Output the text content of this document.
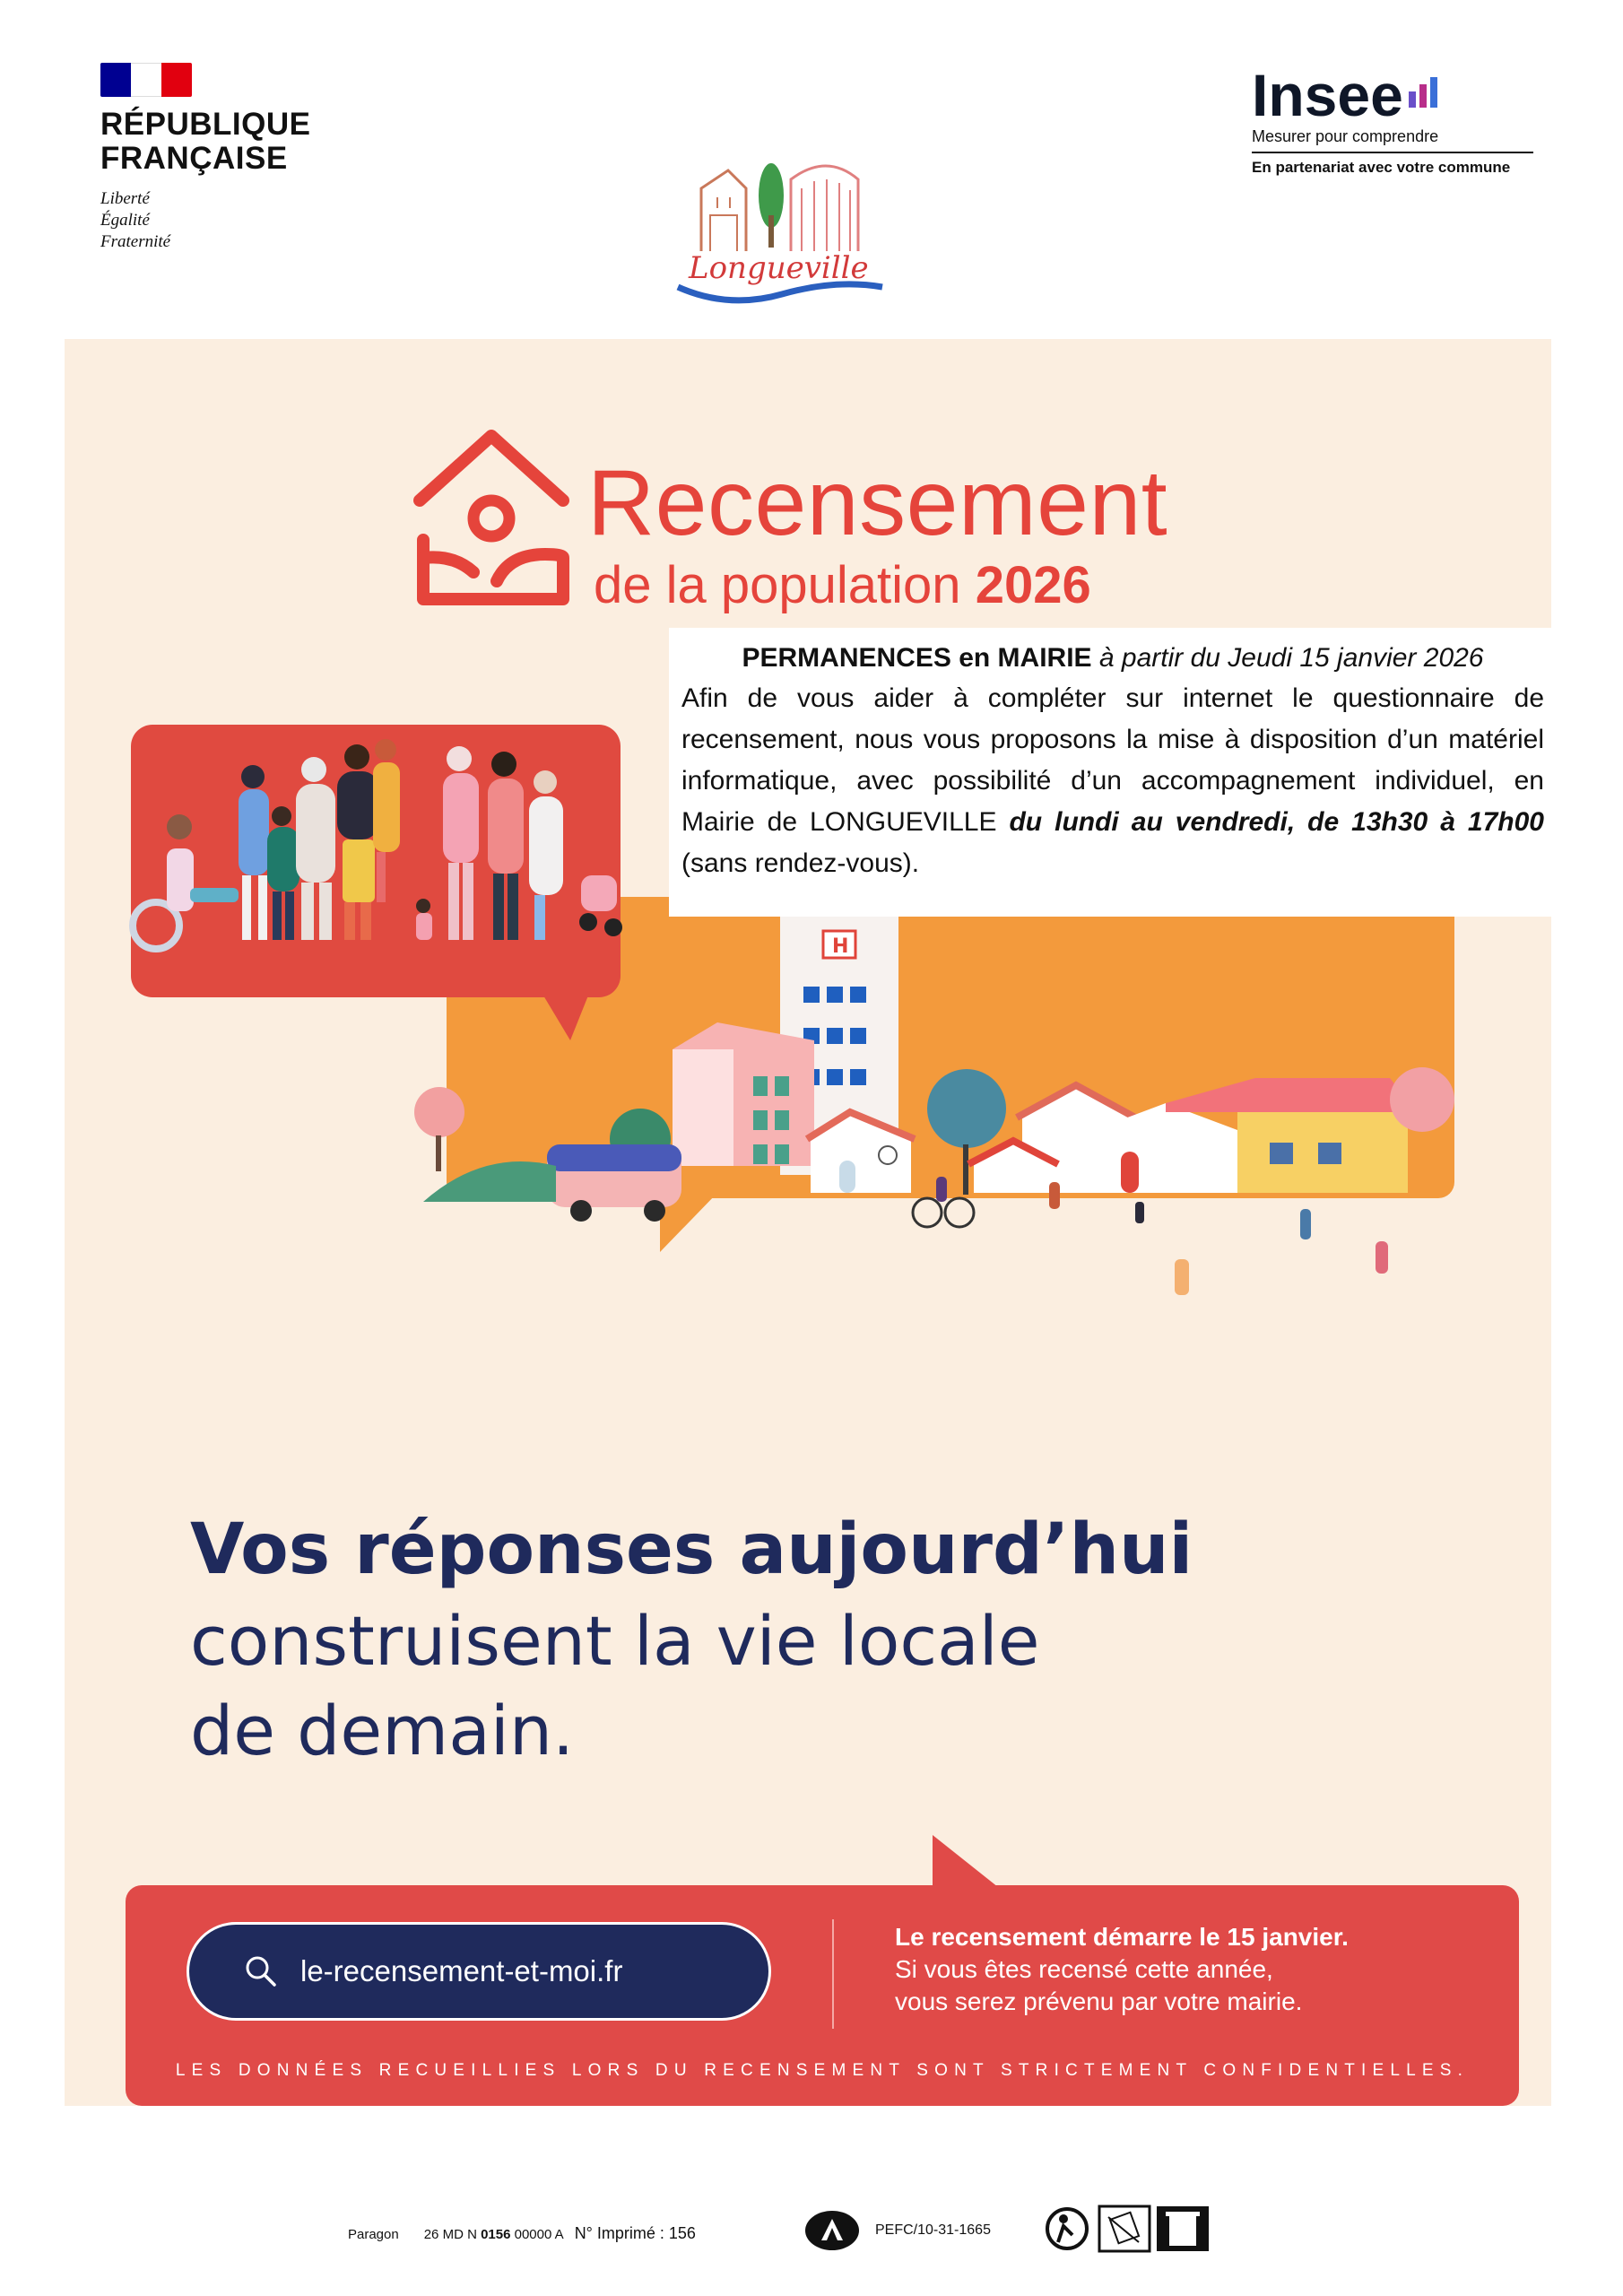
RÉPUBLIQUE
FRANÇAISE
Liberté
Égalité
Fraternité
Insee
Mesurer pour comprendre
En partenariat avec votre commune
Longueville
Recensement
de la population 2026
H
PERMANENCES en MAIRIE à partir du Jeudi 15 janvier 2026
Afin de vous aider à compléter sur internet le questionnaire de recensement, nous vous proposons la mise à disposition d’un matériel informatique, avec possibilité d’un accompagnement individuel, en Mairie de LONGUEVILLE du lundi au vendredi, de 13h30 à 17h00 (sans rendez-vous).
Vos réponses aujourd’hui
construisent la vie locale
de demain.
le-recensement-et-moi.fr
Le recensement démarre le 15 janvier.
Si vous êtes recensé cette année,
vous serez prévenu par votre mairie.
LES DONNÉES RECUEILLIES LORS DU RECENSEMENT SONT STRICTEMENT CONFIDENTIELLES.
Paragon 26 MD N 0156 00000 A N° Imprimé : 156	PEFC/10-31-1665
